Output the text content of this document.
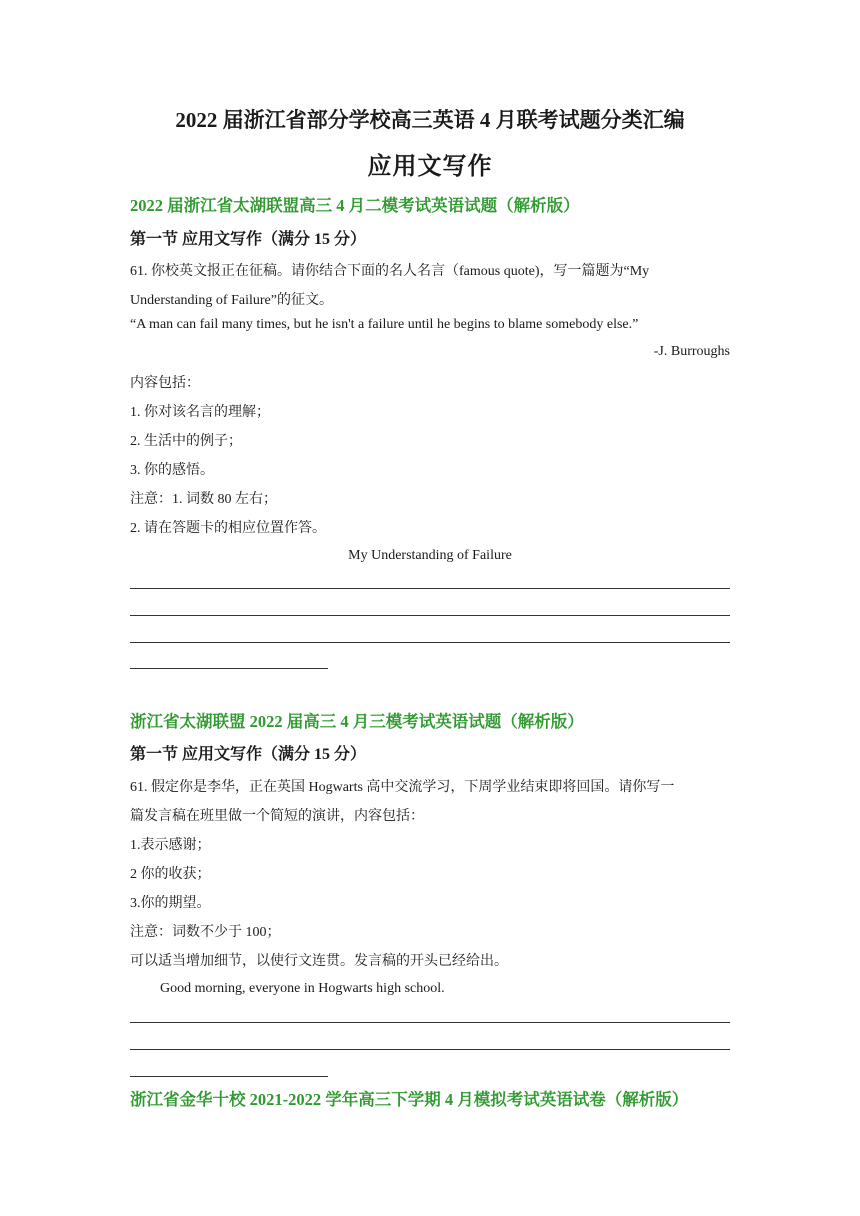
2022 届浙江省部分学校高三英语 4 月联考试题分类汇编
应用文写作
2022 届浙江省太湖联盟高三 4 月二模考试英语试题（解析版）
第一节 应用文写作（满分 15 分）
61. 你校英文报正在征稿。请你结合下面的名人名言（famous quote)，写一篇题为“My
Understanding of Failure”的征文。
“A man can fail many times, but he isn't a failure until he begins to blame somebody else.”
-J. Burroughs
内容包括：
1. 你对该名言的理解；
2. 生活中的例子；
3. 你的感悟。
注意：1. 词数 80 左右；
2. 请在答题卡的相应位置作答。
My Understanding of Failure
浙江省太湖联盟 2022 届高三 4 月三模考试英语试题（解析版）
第一节 应用文写作（满分 15 分）
61. 假定你是李华，正在英国 Hogwarts 高中交流学习，下周学业结束即将回国。请你写一
篇发言稿在班里做一个简短的演讲，内容包括：
1.表示感谢；
2 你的收获；
3.你的期望。
注意：词数不少于 100；
可以适当增加细节，以使行文连贯。发言稿的开头已经给出。
Good morning, everyone in Hogwarts high school.
浙江省金华十校 2021-2022 学年高三下学期 4 月模拟考试英语试卷（解析版）
